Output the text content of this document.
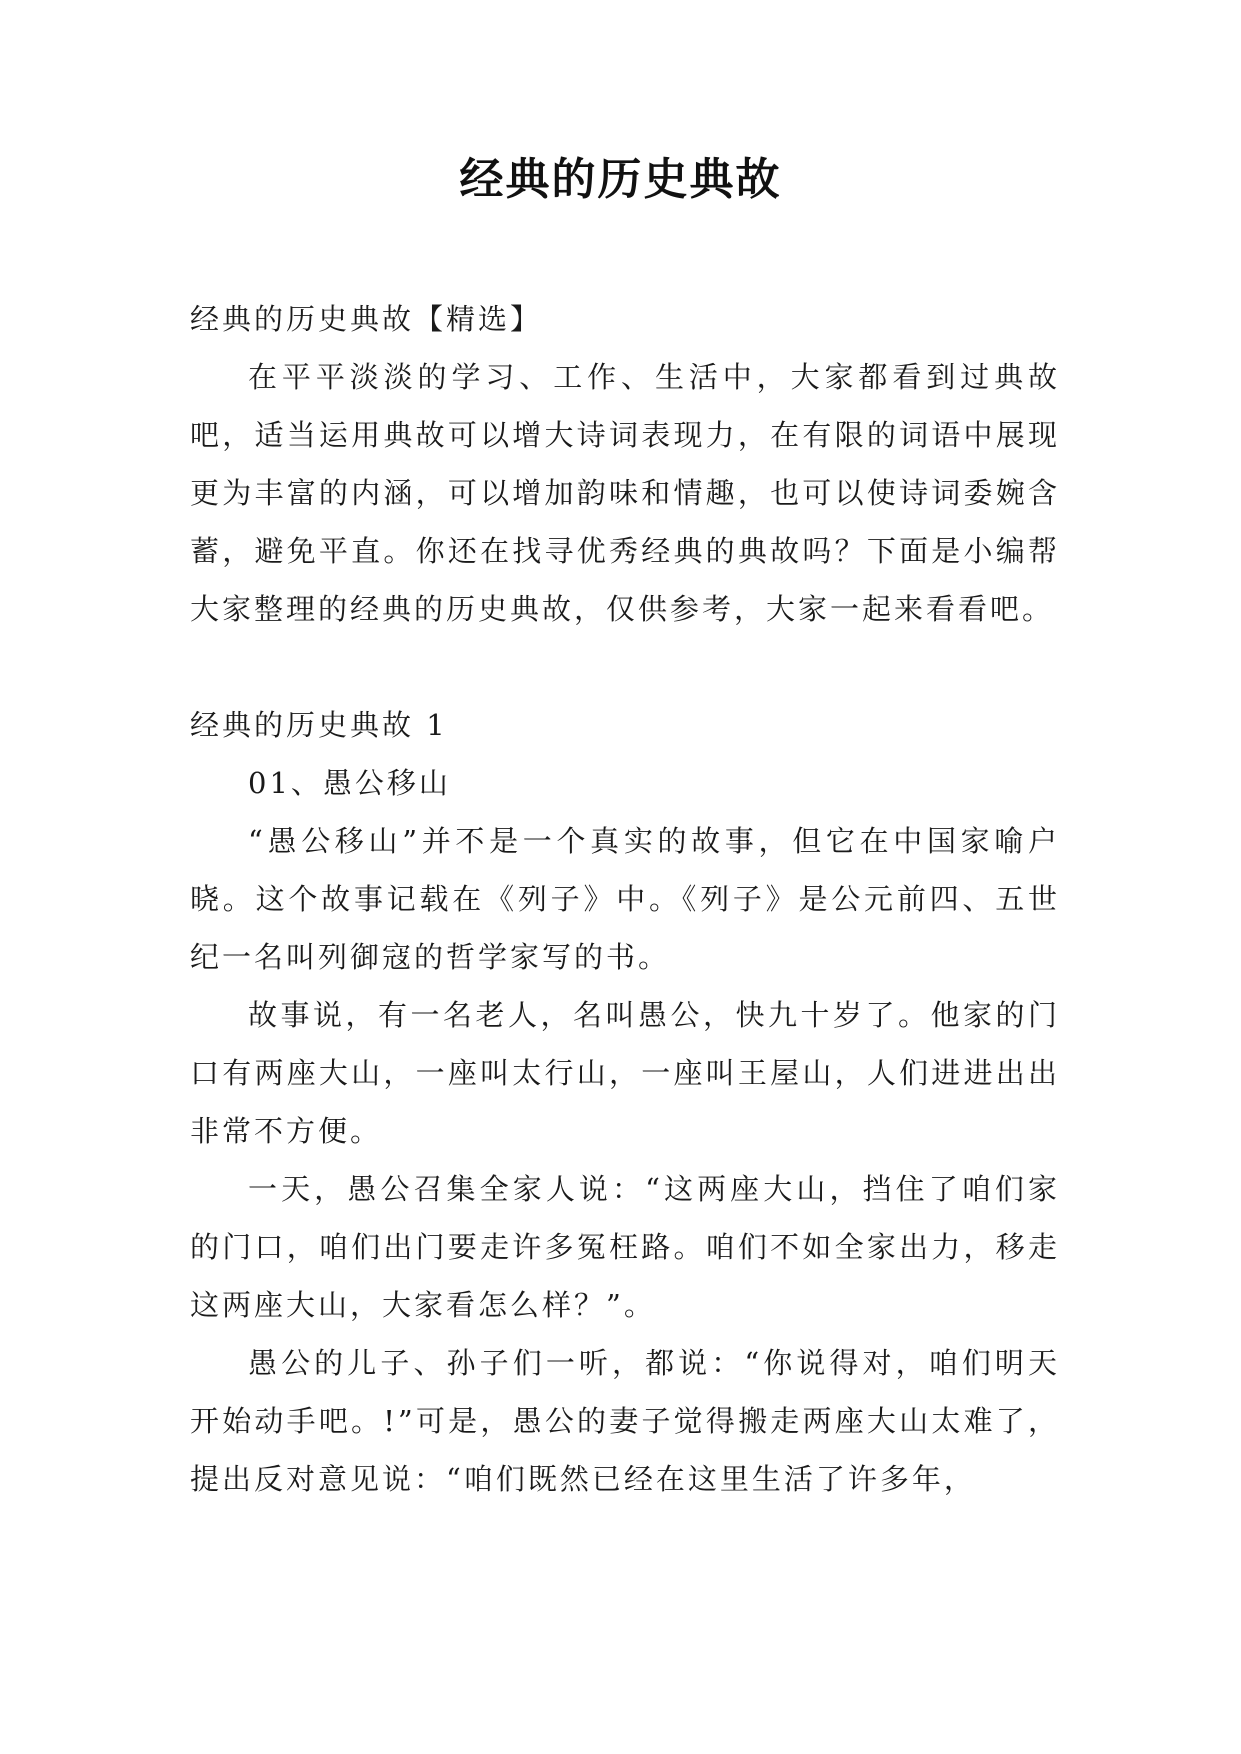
经典的历史典故

经典的历史典故【精选】

在平平淡淡的学习、工作、生活中，大家都看到过典故吧，适当运用典故可以增大诗词表现力，在有限的词语中展现更为丰富的内涵，可以增加韵味和情趣，也可以使诗词委婉含蓄，避免平直。你还在找寻优秀经典的典故吗？下面是小编帮大家整理的经典的历史典故，仅供参考，大家一起来看看吧。

经典的历史典故 1

01、愚公移山

“愚公移山”并不是一个真实的故事，但它在中国家喻户晓。这个故事记载在《列子》中。《列子》是公元前四、五世纪一名叫列御寇的哲学家写的书。

故事说，有一名老人，名叫愚公，快九十岁了。他家的门口有两座大山，一座叫太行山，一座叫王屋山，人们进进出出非常不方便。

一天，愚公召集全家人说：“这两座大山，挡住了咱们家的门口，咱们出门要走许多冤枉路。咱们不如全家出力，移走这两座大山，大家看怎么样？”。

愚公的儿子、孙子们一听，都说：“你说得对，咱们明天开始动手吧。!”可是，愚公的妻子觉得搬走两座大山太难了，提出反对意见说：“咱们既然已经在这里生活了许多年，
